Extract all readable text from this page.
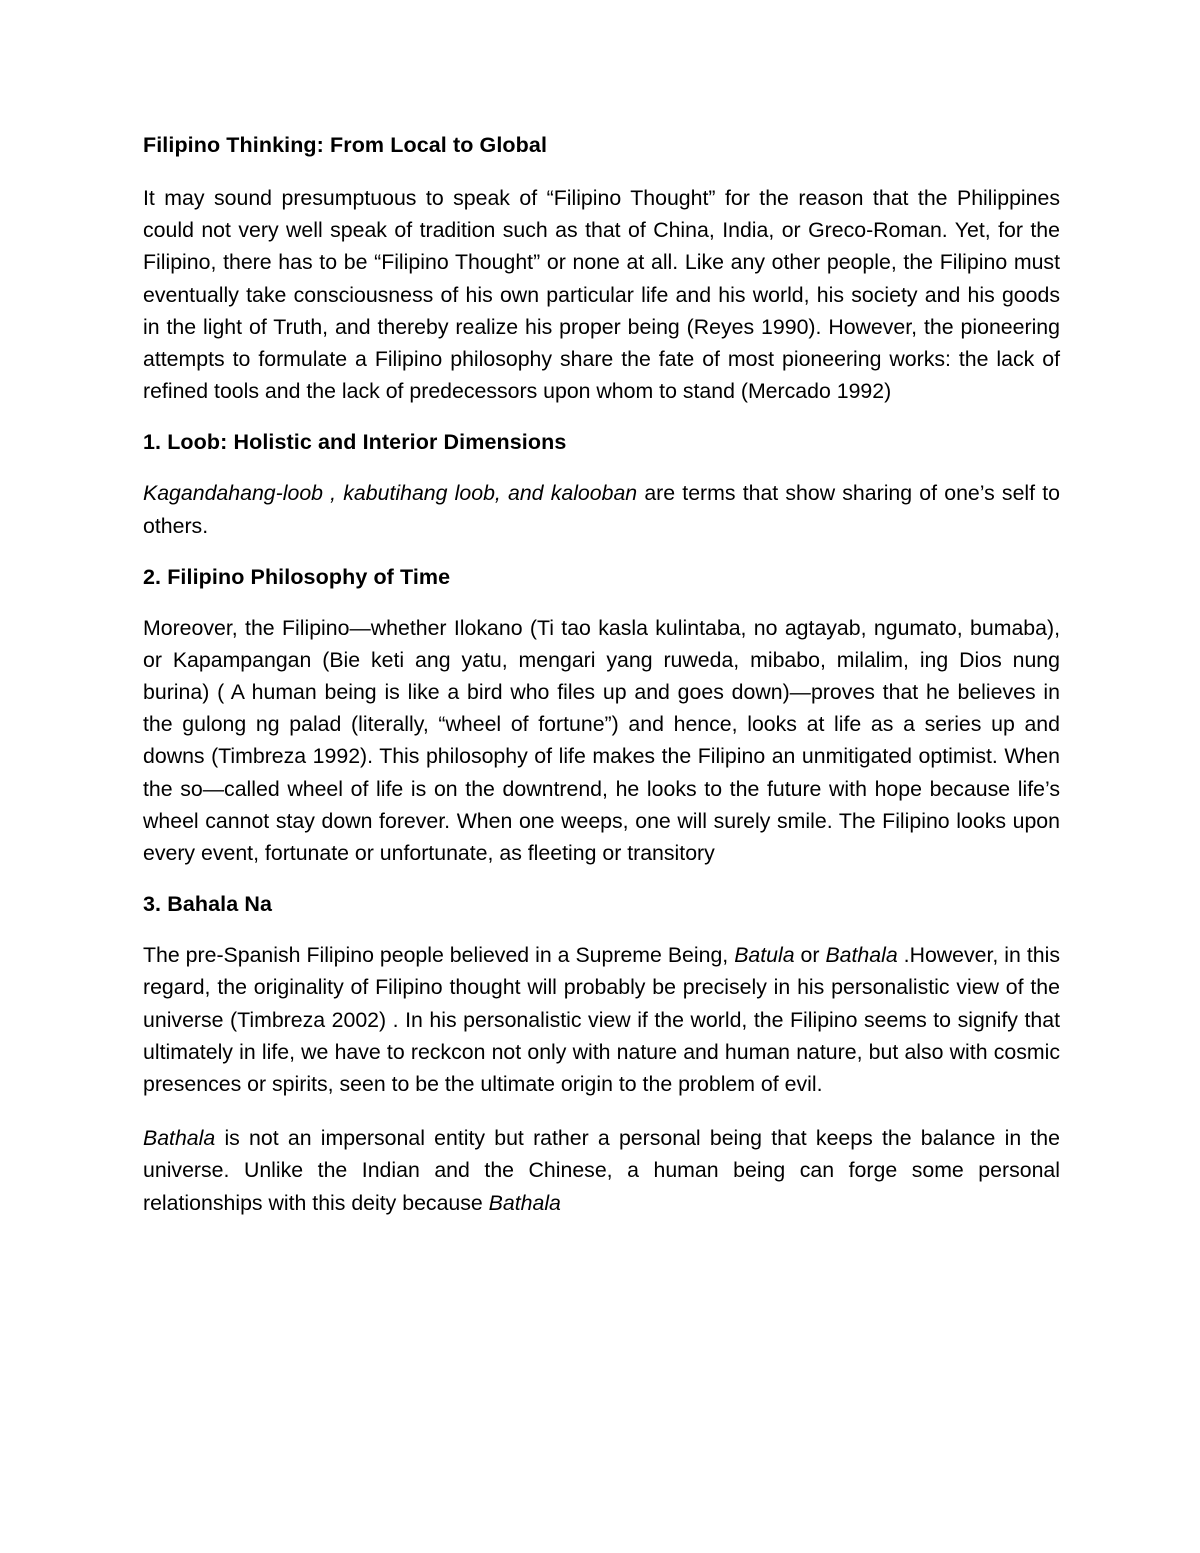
Filipino Thinking: From Local to Global

It may sound presumptuous to speak of “Filipino Thought” for the reason that the Philippines could not very well speak of tradition such as that of China, India, or Greco-Roman. Yet, for the Filipino, there has to be “Filipino Thought” or none at all. Like any other people, the Filipino must eventually take consciousness of his own particular life and his world, his society and his goods in the light of Truth, and thereby realize his proper being (Reyes 1990). However, the pioneering attempts to formulate a Filipino philosophy share the fate of most pioneering works: the lack of refined tools and the lack of predecessors upon whom to stand (Mercado 1992)

1. Loob: Holistic and Interior Dimensions

Kagandahang-loob , kabutihang loob, and kalooban are terms that show sharing of one’s self to others.

2. Filipino Philosophy of Time

Moreover, the Filipino—whether Ilokano (Ti tao kasla kulintaba, no agtayab, ngumato, bumaba), or Kapampangan (Bie keti ang yatu, mengari yang ruweda, mibabo, milalim, ing Dios nung burina) ( A human being is like a bird who files up and goes down)—proves that he believes in the gulong ng palad (literally, “wheel of fortune”) and hence, looks at life as a series up and downs (Timbreza 1992). This philosophy of life makes the Filipino an unmitigated optimist. When the so—called wheel of life is on the downtrend, he looks to the future with hope because life’s wheel cannot stay down forever. When one weeps, one will surely smile. The Filipino looks upon every event, fortunate or unfortunate, as fleeting or transitory

3. Bahala Na

The pre-Spanish Filipino people believed in a Supreme Being, Batula or Bathala .However, in this regard, the originality of Filipino thought will probably be precisely in his personalistic view of the universe (Timbreza 2002) . In his personalistic view if the world, the Filipino seems to signify that ultimately in life, we have to reckcon not only with nature and human nature, but also with cosmic presences or spirits, seen to be the ultimate origin to the problem of evil.

Bathala is not an impersonal entity but rather a personal being that keeps the balance in the universe. Unlike the Indian and the Chinese, a human being can forge some personal relationships with this deity because Bathala
